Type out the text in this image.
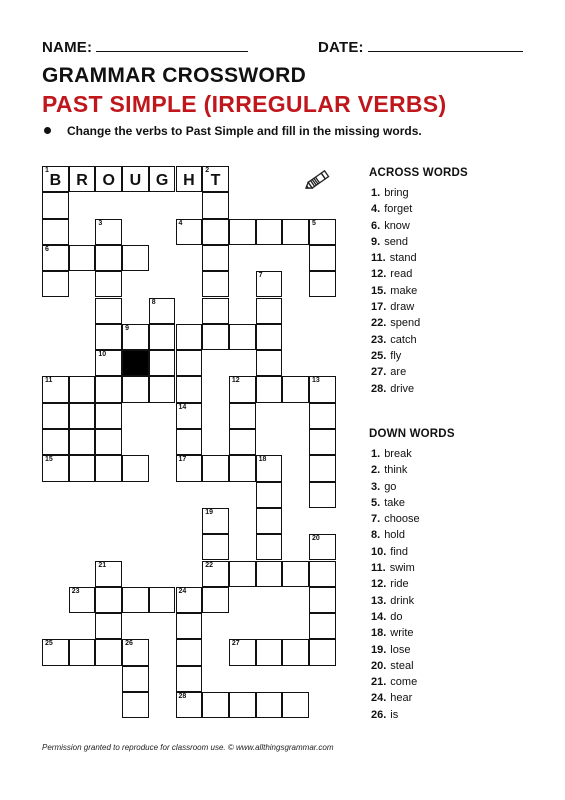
NAME:	DATE:
GRAMMAR CROSSWORD
PAST SIMPLE (IRREGULAR VERBS)
Change the verbs to Past Simple and fill in the missing words.
1
B R O U G H
2
T
3	4	5
6
7
8
9
10
11	12	13
14
15	17	18
19
20
21	22
23	24
25	26	27
28
ACROSS WORDS
1. bring
4. forget
6. know
9. send
11. stand
12. read
15. make
17. draw
22. spend
23. catch
25. fly
27. are
28. drive
DOWN WORDS
1. break
2. think
3. go
5. take
7. choose
8. hold
10. find
11. swim
12. ride
13. drink
14. do
18. write
19. lose
20. steal
21. come
24. hear
26. is
Permission granted to reproduce for classroom use. © www.allthingsgrammar.com
